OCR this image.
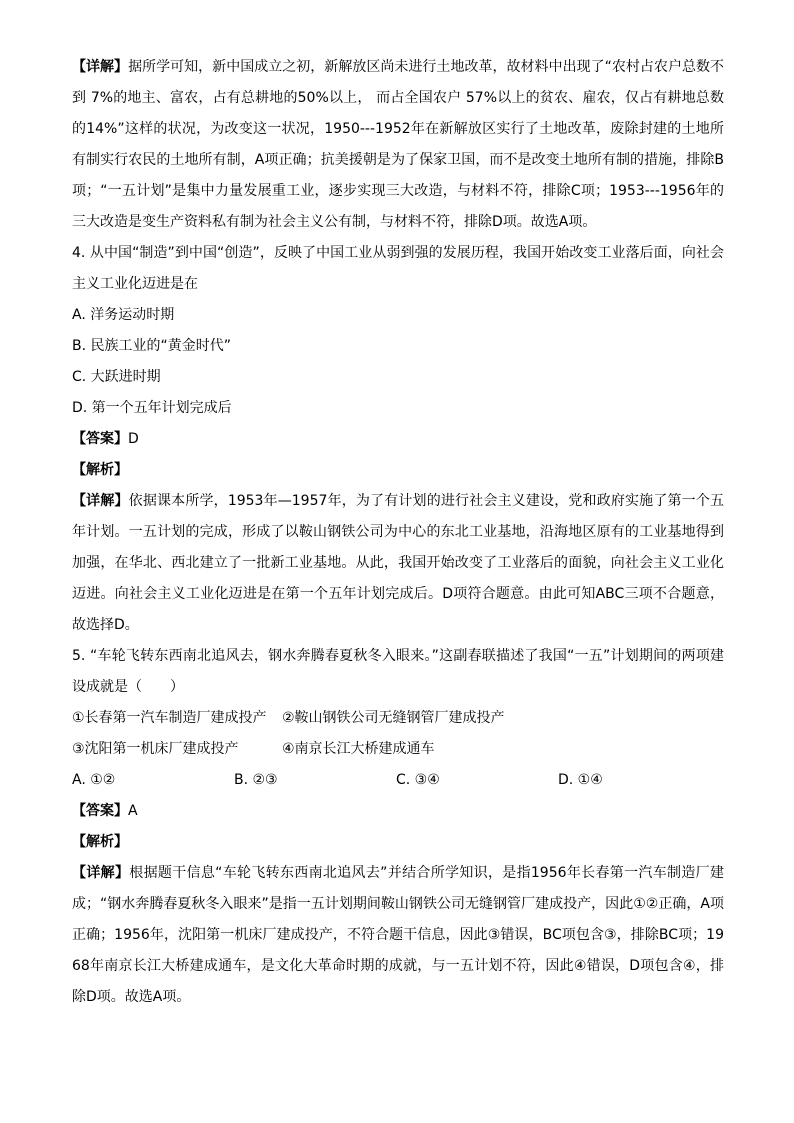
【详解】据所学可知，新中国成立之初，新解放区尚未进行土地改革，故材料中出现了“农村占农户总数不到 7%的地主、富农，占有总耕地的50%以上， 而占全国农户 57%以上的贫农、雇农，仅占有耕地总数的14%”这样的状况，为改变这一状况，1950---1952年在新解放区实行了土地改革，废除封建的土地所有制实行农民的土地所有制，A项正确；抗美援朝是为了保家卫国，而不是改变土地所有制的措施，排除B项；“一五计划”是集中力量发展重工业，逐步实现三大改造，与材料不符，排除C项；1953---1956年的三大改造是变生产资料私有制为社会主义公有制，与材料不符，排除D项。故选A项。

4. 从中国“制造”到中国“创造”，反映了中国工业从弱到强的发展历程，我国开始改变工业落后面，向社会主义工业化迈进是在

A. 洋务运动时期

B. 民族工业的“黄金时代”

C. 大跃进时期

D. 第一个五年计划完成后

【答案】D

【解析】

【详解】依据课本所学，1953年—1957年，为了有计划的进行社会主义建设，党和政府实施了第一个五年计划。一五计划的完成，形成了以鞍山钢铁公司为中心的东北工业基地，沿海地区原有的工业基地得到加强，在华北、西北建立了一批新工业基地。从此，我国开始改变了工业落后的面貌，向社会主义工业化迈进。向社会主义工业化迈进是在第一个五年计划完成后。D项符合题意。由此可知ABC三项不合题意，故选择D。

5. “车轮飞转东西南北追风去，钢水奔腾春夏秋冬入眼来。”这副春联描述了我国“一五”计划期间的两项建设成就是（　　）

①长春第一汽车制造厂建成投产	②鞍山钢铁公司无缝钢管厂建成投产

③沈阳第一机床厂建成投产	④南京长江大桥建成通车

A. ①②	B. ②③	C. ③④	D. ①④

【答案】A

【解析】

【详解】根据题干信息“车轮飞转东西南北追风去”并结合所学知识，是指1956年长春第一汽车制造厂建成；“钢水奔腾春夏秋冬入眼来”是指一五计划期间鞍山钢铁公司无缝钢管厂建成投产，因此①②正确，A项正确；1956年，沈阳第一机床厂建成投产，不符合题干信息，因此③错误，BC项包含③，排除BC项；1968年南京长江大桥建成通车，是文化大革命时期的成就，与一五计划不符，因此④错误，D项包含④，排除D项。故选A项。
